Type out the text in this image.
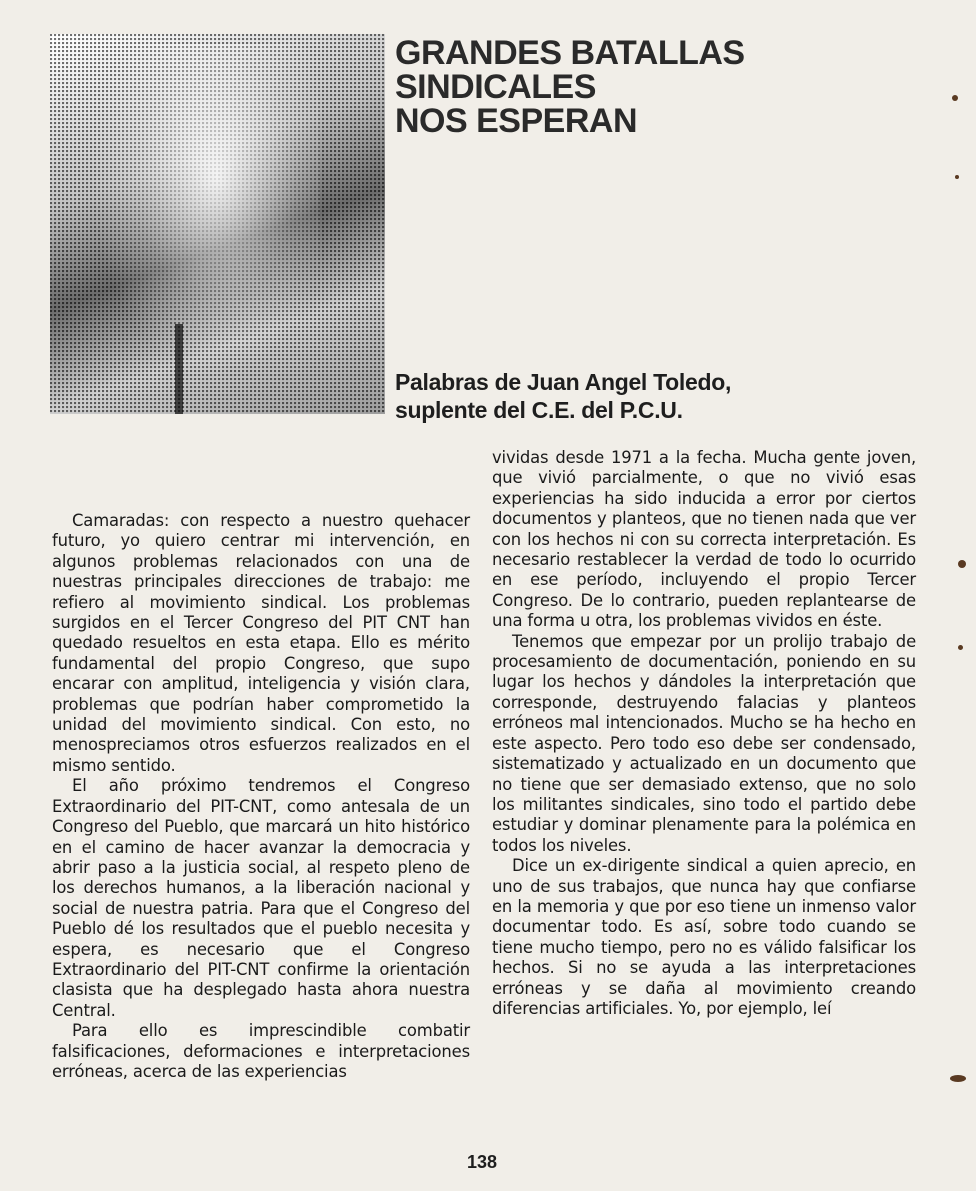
GRANDES BATALLAS
SINDICALES
NOS ESPERAN
Palabras de Juan Angel Toledo,
suplente del C.E. del P.C.U.

Camaradas: con respecto a nuestro quehacer futuro, yo quiero centrar mi intervención, en algunos problemas relacionados con una de nuestras principales direcciones de trabajo: me refiero al movimiento sindical. Los problemas surgidos en el Tercer Congreso del PIT CNT han quedado resueltos en esta etapa. Ello es mérito fundamental del propio Congreso, que supo encarar con amplitud, inteligencia y visión clara, problemas que podrían haber comprometido la unidad del movimiento sindical. Con esto, no menospreciamos otros esfuerzos realizados en el mismo sentido.

El año próximo tendremos el Congreso Extraordinario del PIT-CNT, como antesala de un Congreso del Pueblo, que marcará un hito histórico en el camino de hacer avanzar la democracia y abrir paso a la justicia social, al respeto pleno de los derechos humanos, a la liberación nacional y social de nuestra patria. Para que el Congreso del Pueblo dé los resultados que el pueblo necesita y espera, es necesario que el Congreso Extraordinario del PIT-CNT confirme la orientación clasista que ha desplegado hasta ahora nuestra Central.

Para ello es imprescindible combatir falsificaciones, deformaciones e interpretaciones erróneas, acerca de las experiencias

vividas desde 1971 a la fecha. Mucha gente joven, que vivió parcialmente, o que no vivió esas experiencias ha sido inducida a error por ciertos documentos y planteos, que no tienen nada que ver con los hechos ni con su correcta interpretación. Es necesario restablecer la verdad de todo lo ocurrido en ese período, incluyendo el propio Tercer Congreso. De lo contrario, pueden replantearse de una forma u otra, los problemas vividos en éste.

Tenemos que empezar por un prolijo trabajo de procesamiento de documentación, poniendo en su lugar los hechos y dándoles la interpretación que corresponde, destruyendo falacias y planteos erróneos mal intencionados. Mucho se ha hecho en este aspecto. Pero todo eso debe ser condensado, sistematizado y actualizado en un documento que no tiene que ser demasiado extenso, que no solo los militantes sindicales, sino todo el partido debe estudiar y dominar plenamente para la polémica en todos los niveles.

Dice un ex-dirigente sindical a quien aprecio, en uno de sus trabajos, que nunca hay que confiarse en la memoria y que por eso tiene un inmenso valor documentar todo. Es así, sobre todo cuando se tiene mucho tiempo, pero no es válido falsificar los hechos. Si no se ayuda a las interpretaciones erróneas y se daña al movimiento creando diferencias artificiales. Yo, por ejemplo, leí

138
